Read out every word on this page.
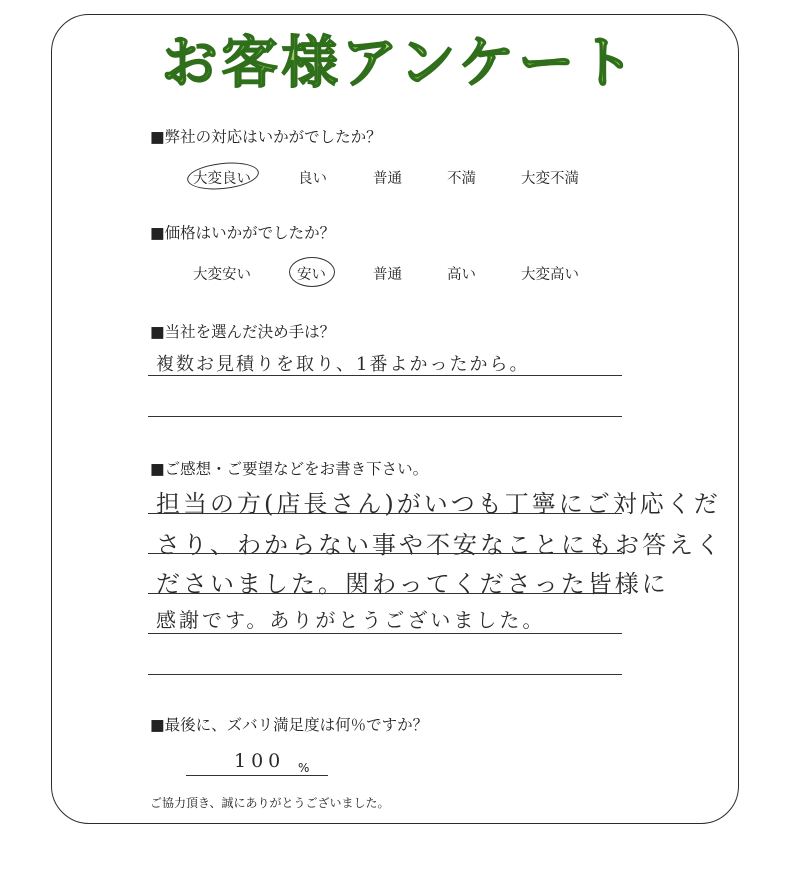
お客様アンケート
■弊社の対応はいかがでしたか？
大変良い	良い	普通	不満	大変不満
■価格はいかがでしたか？
大変安い	安い	普通	高い	大変高い
■当社を選んだ決め手は？
複数お見積りを取り、1番よかったから。
■ご感想・ご要望などをお書き下さい。
担当の方(店長さん)がいつも丁寧にご対応くだ
さり、わからない事や不安なことにもお答えく
ださいました。関わってくださった皆様に
感謝です。ありがとうございました。
■最後に、ズバリ満足度は何％ですか？
100 %
ご協力頂き、誠にありがとうございました。
